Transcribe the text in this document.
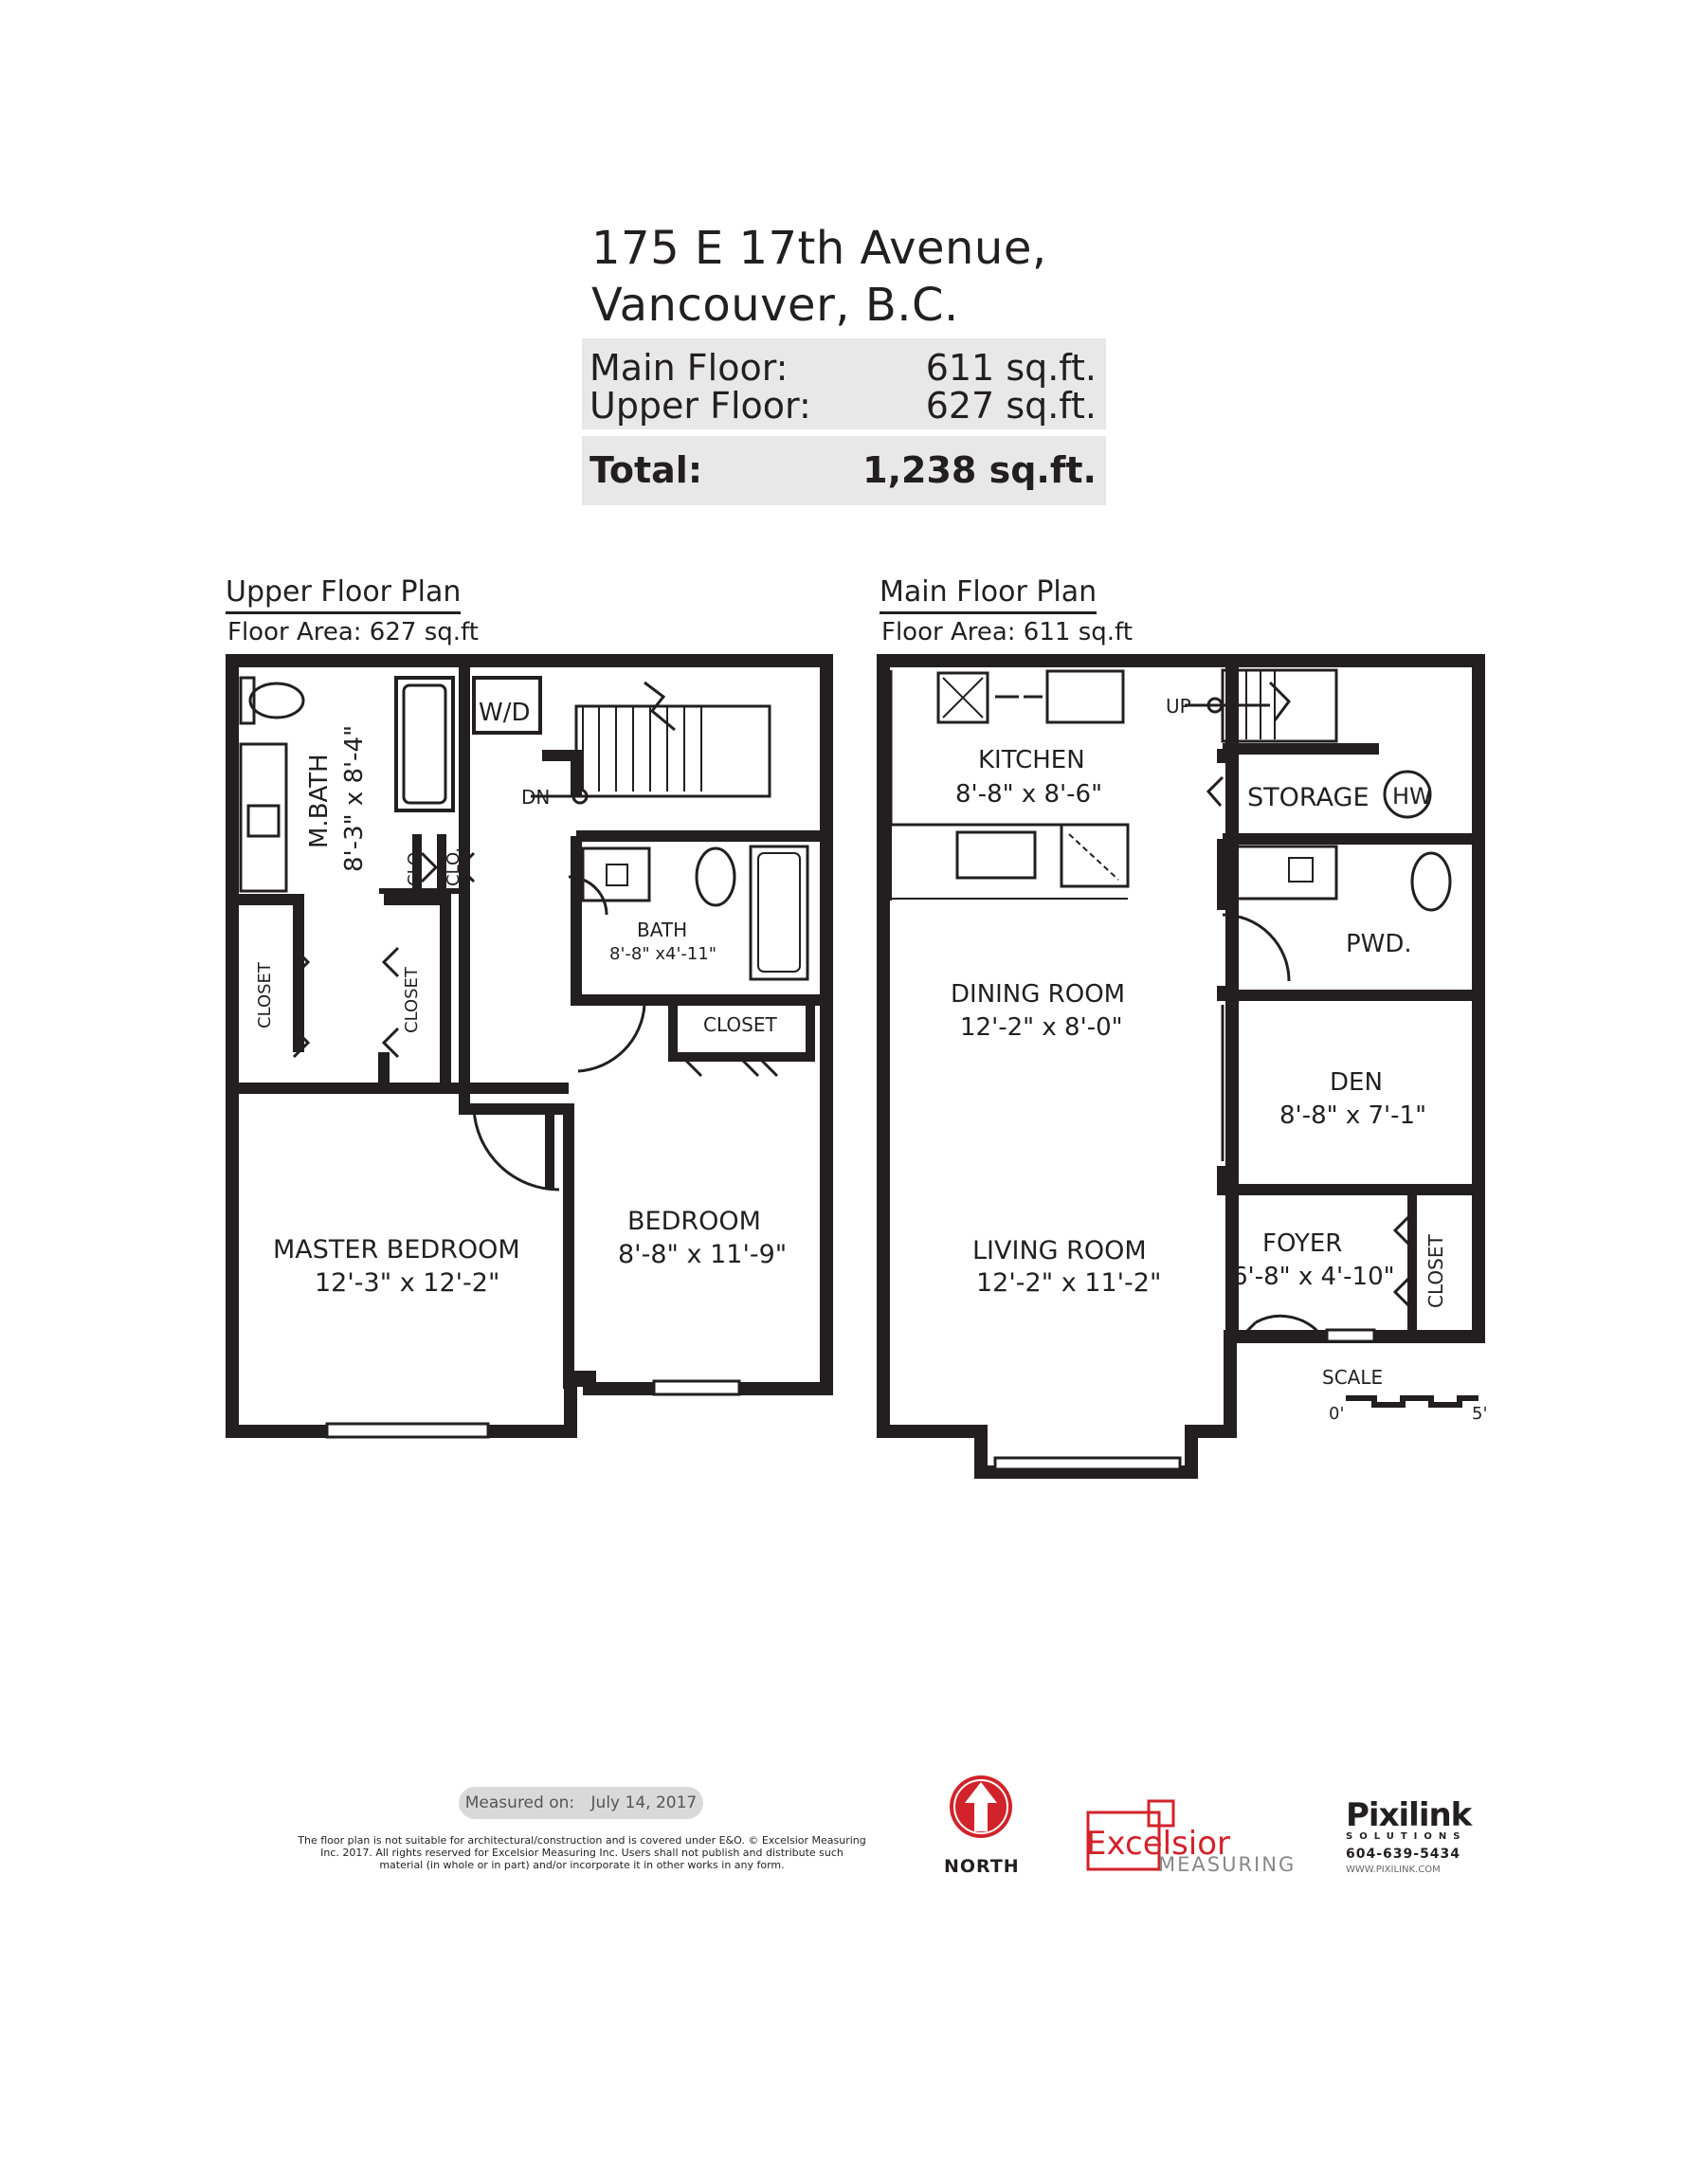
175 E 17th Avenue,
Vancouver, B.C.
Main Floor:	611 sq.ft.
Upper Floor:	627 sq.ft.
Total:	1,238 sq.ft.
Upper Floor Plan
Floor Area: 627 sq.ft
Main Floor Plan
Floor Area: 611 sq.ft
W/D
DN
M.BATH 8'-3" x 8'-4" CLO. CLO.
CLOSET	CLOSET
BATH
8'-8" x4'-11"
CLOSET
MASTER BEDROOM
12'-3" x 12'-2"
BEDROOM
8'-8" x 11'-9"
UP
KITCHEN
8'-8" x 8'-6"	STORAGE HW
PWD.
DINING ROOM
12'-2" x 8'-0"
DEN
8'-8" x 7'-1"
LIVING ROOM
12'-2" x 11'-2"
FOYER
6'-8" x 4'-10" CLOSET
SCALE
0'	5'
Measured on: July 14, 2017
The floor plan is not suitable for architectural/construction and is covered under E&O. © Excelsior Measuring Inc. 2017. All rights reserved for Excelsior Measuring Inc. Users shall not publish and distribute such material (in whole or in part) and/or incorporate it in other works in any form.	NORTH
Excelsior
MEASURING
Pixilink
SOLUTIONS
604-639-5434
WWW.PIXILINK.COM
